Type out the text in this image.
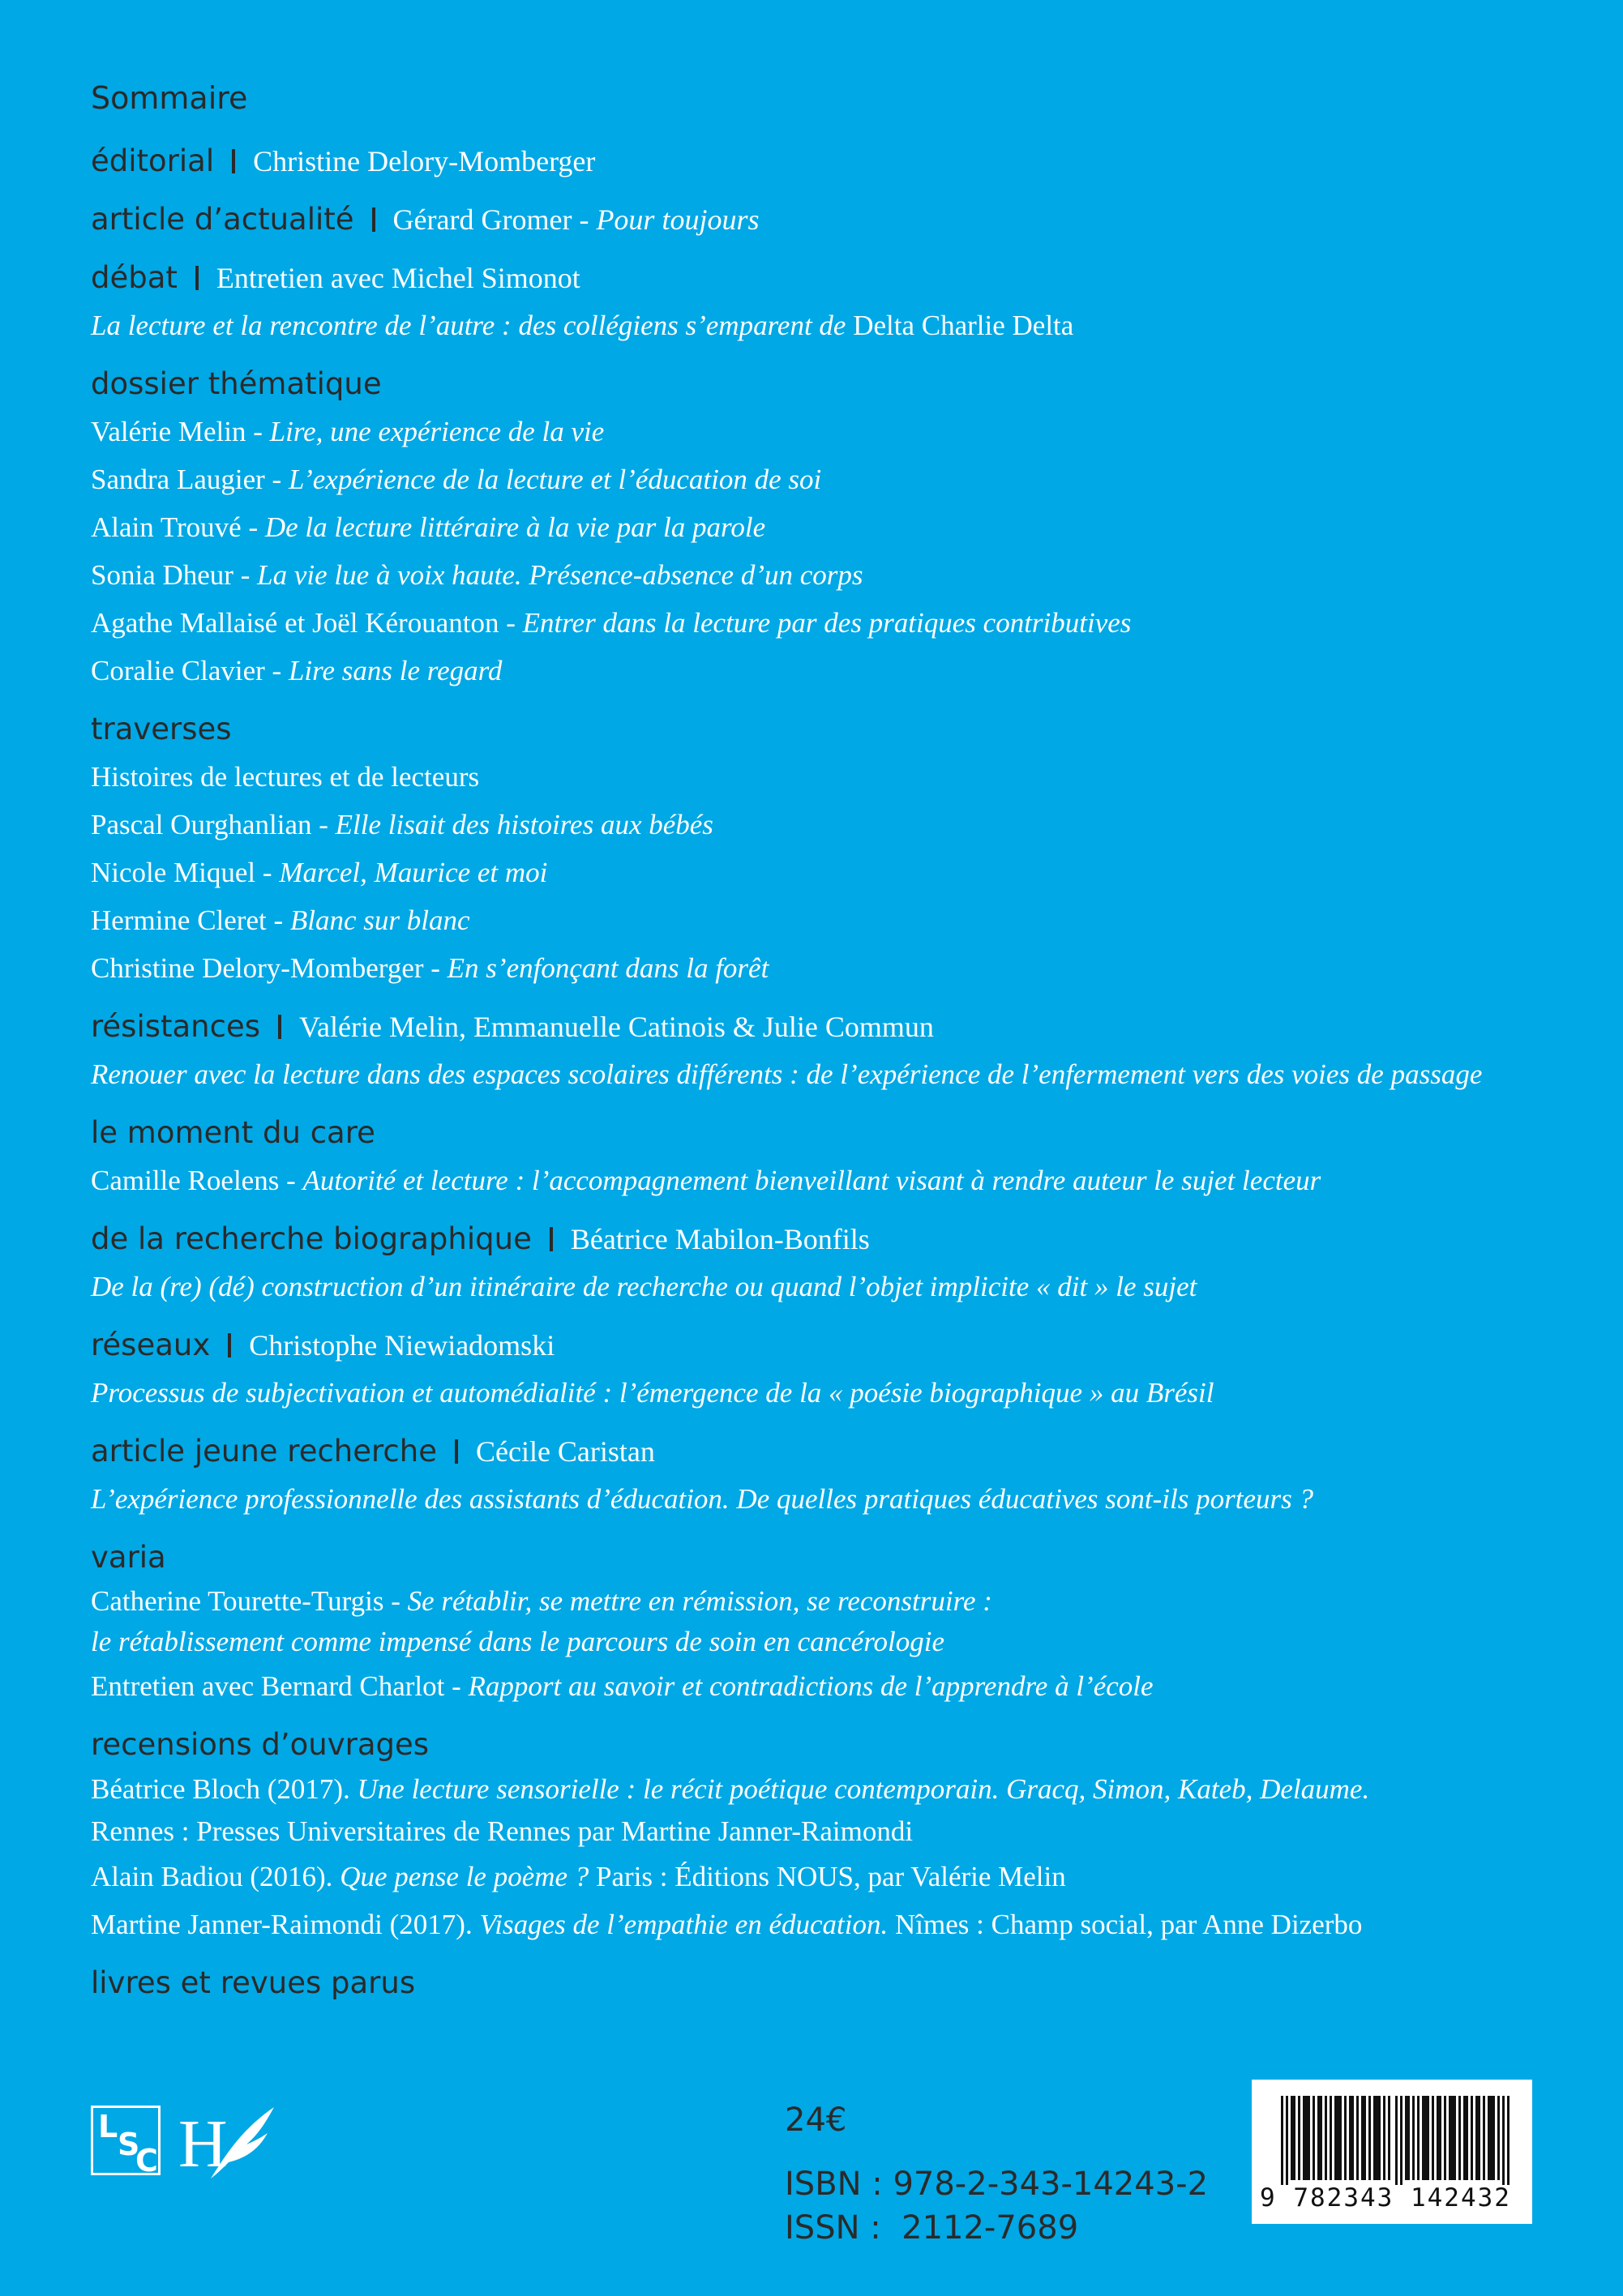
Sommaire
éditorial Christine Delory-Momberger
article d’actualité Gérard Gromer - Pour toujours
débat Entretien avec Michel Simonot
La lecture et la rencontre de l’autre : des collégiens s’emparent de Delta Charlie Delta
dossier thématique
Valérie Melin - Lire, une expérience de la vie
Sandra Laugier - L’expérience de la lecture et l’éducation de soi
Alain Trouvé - De la lecture littéraire à la vie par la parole
Sonia Dheur - La vie lue à voix haute. Présence-absence d’un corps
Agathe Mallaisé et Joël Kérouanton - Entrer dans la lecture par des pratiques contributives
Coralie Clavier - Lire sans le regard
traverses
Histoires de lectures et de lecteurs
Pascal Ourghanlian - Elle lisait des histoires aux bébés
Nicole Miquel - Marcel, Maurice et moi
Hermine Cleret - Blanc sur blanc
Christine Delory-Momberger - En s’enfonçant dans la forêt
résistances Valérie Melin, Emmanuelle Catinois & Julie Commun
Renouer avec la lecture dans des espaces scolaires différents : de l’expérience de l’enfermement vers des voies de passage
le moment du care
Camille Roelens - Autorité et lecture : l’accompagnement bienveillant visant à rendre auteur le sujet lecteur
de la recherche biographique Béatrice Mabilon-Bonfils
De la (re) (dé) construction d’un itinéraire de recherche ou quand l’objet implicite « dit » le sujet
réseaux Christophe Niewiadomski
Processus de subjectivation et automédialité : l’émergence de la « poésie biographique » au Brésil
article jeune recherche Cécile Caristan
L’expérience professionnelle des assistants d’éducation. De quelles pratiques éducatives sont-ils porteurs ?
varia
Catherine Tourette-Turgis - Se rétablir, se mettre en rémission, se reconstruire :
le rétablissement comme impensé dans le parcours de soin en cancérologie
Entretien avec Bernard Charlot - Rapport au savoir et contradictions de l’apprendre à l’école
recensions d’ouvrages
Béatrice Bloch (2017). Une lecture sensorielle : le récit poétique contemporain. Gracq, Simon, Kateb, Delaume.
Rennes : Presses Universitaires de Rennes par Martine Janner-Raimondi
Alain Badiou (2016). Que pense le poème ? Paris : Éditions NOUS, par Valérie Melin
Martine Janner-Raimondi (2017). Visages de l’empathie en éducation. Nîmes : Champ social, par Anne Dizerbo
livres et revues parus
L S
C H	24€
ISBN : 978-2-343-14243-2
ISSN :  2112-7689
9 782343 142432
